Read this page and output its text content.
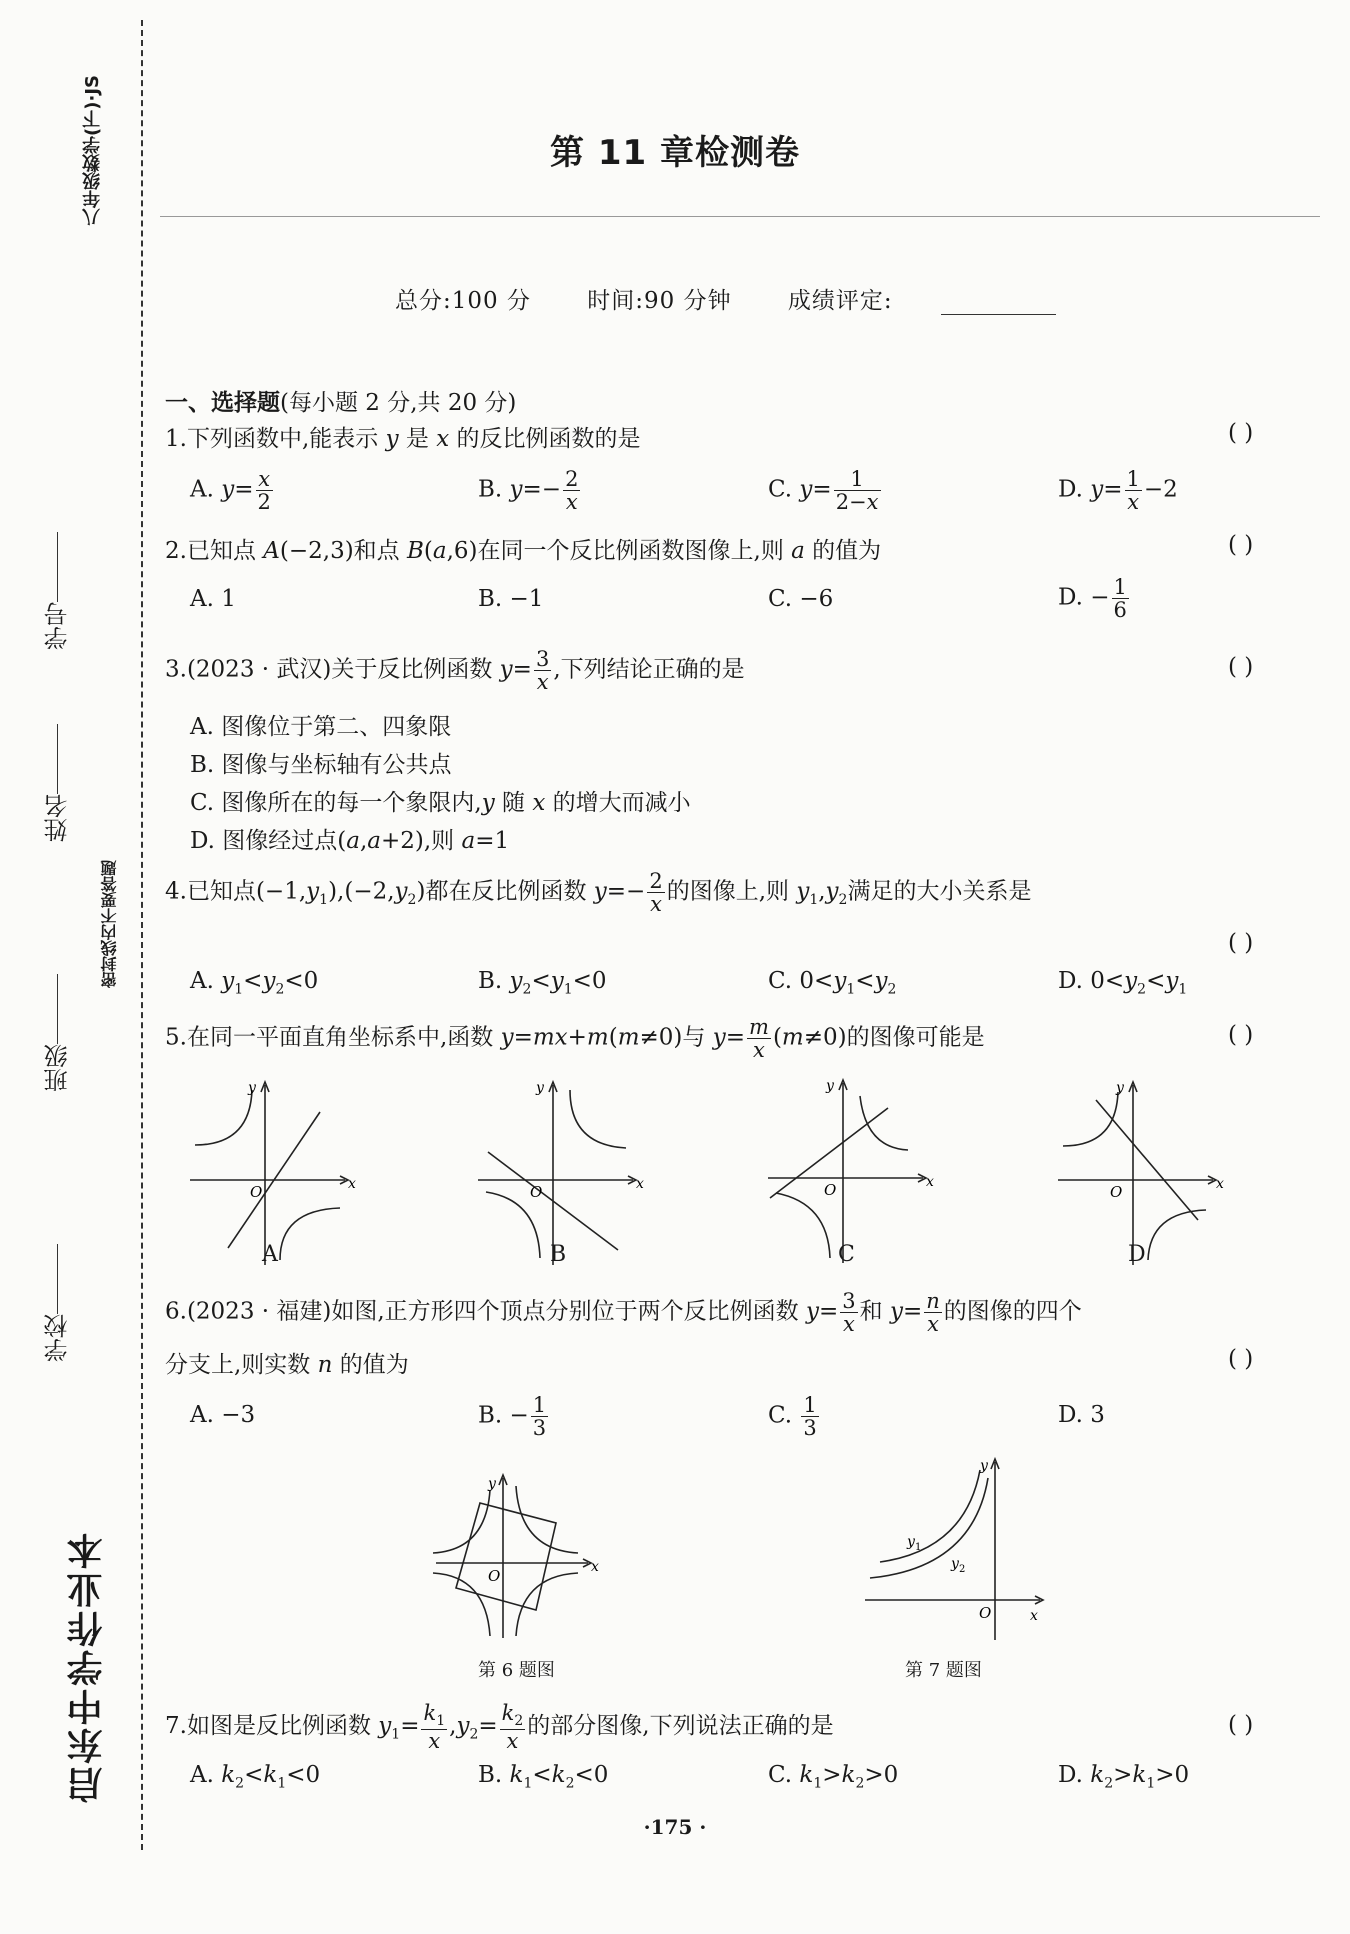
八年级数学(下)·JS
学号
姓名
密封线内不要答题
班级
学校
启东中学作业本
第 11 章检测卷
总分:100 分 时间:90 分钟 成绩评定:
一、选择题(每小题 2 分,共 20 分)
1.下列函数中,能表示 y 是 x 的反比例函数的是	( )
A. $y= \frac{x}{2}$	B. $y=- \frac{2}{x}$	C. $y= \frac{1}{2-x}$	D. $y= \frac{1}{x} -2$
2.已知点 A(−2,3)和点 B(a,6)在同一个反比例函数图像上,则 a 的值为	( )
A. 1	B. −1	C. −6	D. − $\frac{1}{6}$
3.(2023 · 武汉)关于反比例函数 $y= \frac{3}{x}$ ,下列结论正确的是	( )
A. 图像位于第二、四象限
B. 图像与坐标轴有公共点
C. 图像所在的每一个象限内,y 随 x 的增大而减小
D. 图像经过点(a,a+2),则 a=1
4.已知点$(-1,y_1),(-2,y_2)$都在反比例函数 $y=- \frac{2}{x}$ 的图像上,则 $y_1,y_2$满足的大小关系是
( )
A. $y_1<y_2<0$	B. $y_2<y_1<0$	C. $0<y_1<y_2$	D. $0<y_2<y_1$
5.在同一平面直角坐标系中,函数 y=mx+m(m≠0)与 $y= \frac{m}{x} (m\ne 0)$的图像可能是	( )
O	x
y
O	x
y
O	x
y
O	x
y
A	B	C	D
6.(2023 · 福建)如图,正方形四个顶点分别位于两个反比例函数 $y= \frac{3}{x}$ 和 $y= \frac{n}{x}$ 的图像的四个
分支上,则实数 n 的值为	( )
A. −3	B. − $\frac{1}{3}$	C. $\frac{1}{3}$	D. 3
O	x
y
第 6 题图
y 1
y 2
O	x
y
第 7 题图
7.如图是反比例函数 $y_1= \frac{k_1}{x} ,y_2= \frac{k_2}{x}$ 的部分图像,下列说法正确的是	( )
A. $k_2<k_1<0$	B. $k_1<k_2<0$	C. $k_1>k_2>0$	D. $k_2>k_1>0$
·175 ·
